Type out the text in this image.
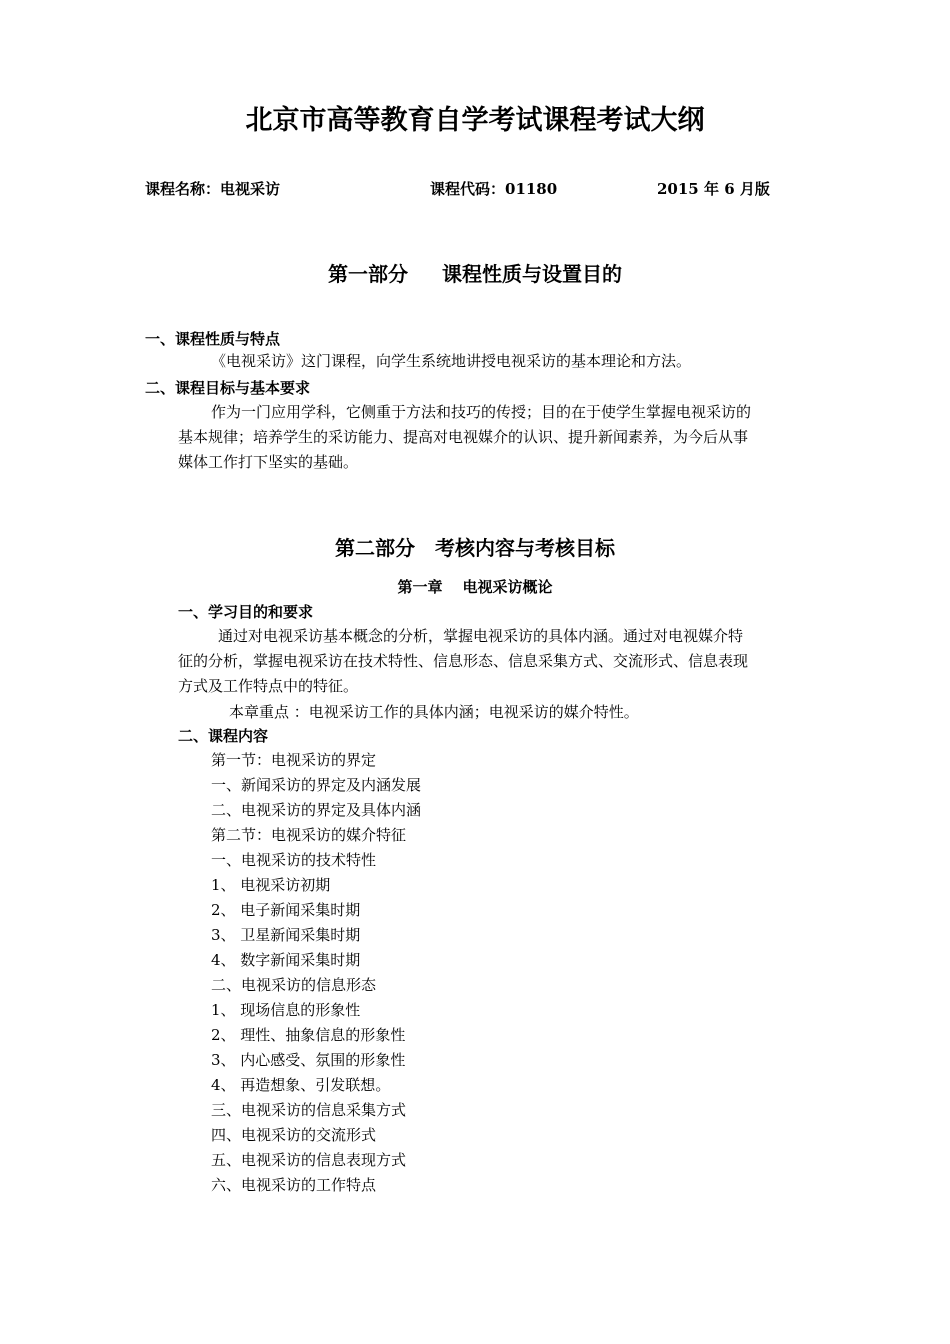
北京市高等教育自学考试课程考试大纲
课程名称：电视采访	课程代码：01180	2015 年 6 月版
第一部分 课程性质与设置目的
一、课程性质与特点
《电视采访》这门课程，向学生系统地讲授电视采访的基本理论和方法。
二、课程目标与基本要求
作为一门应用学科，它侧重于方法和技巧的传授；目的在于使学生掌握电视采访的
基本规律；培养学生的采访能力、提高对电视媒介的认识、提升新闻素养，为今后从事
媒体工作打下坚实的基础。
第二部分 考核内容与考核目标
第一章 电视采访概论
一、学习目的和要求
通过对电视采访基本概念的分析，掌握电视采访的具体内涵。通过对电视媒介特
征的分析，掌握电视采访在技术特性、信息形态、信息采集方式、交流形式、信息表现
方式及工作特点中的特征。
本章重点 ：电视采访工作的具体内涵；电视采访的媒介特性。
二、课程内容
第一节：电视采访的界定
一、新闻采访的界定及内涵发展
二、电视采访的界定及具体内涵
第二节：电视采访的媒介特征
一、电视采访的技术特性
1、 电视采访初期
2、 电子新闻采集时期
3、 卫星新闻采集时期
4、 数字新闻采集时期
二、电视采访的信息形态
1、 现场信息的形象性
2、 理性、抽象信息的形象性
3、 内心感受、氛围的形象性
4、 再造想象、引发联想。
三、电视采访的信息采集方式
四、电视采访的交流形式
五、电视采访的信息表现方式
六、电视采访的工作特点
